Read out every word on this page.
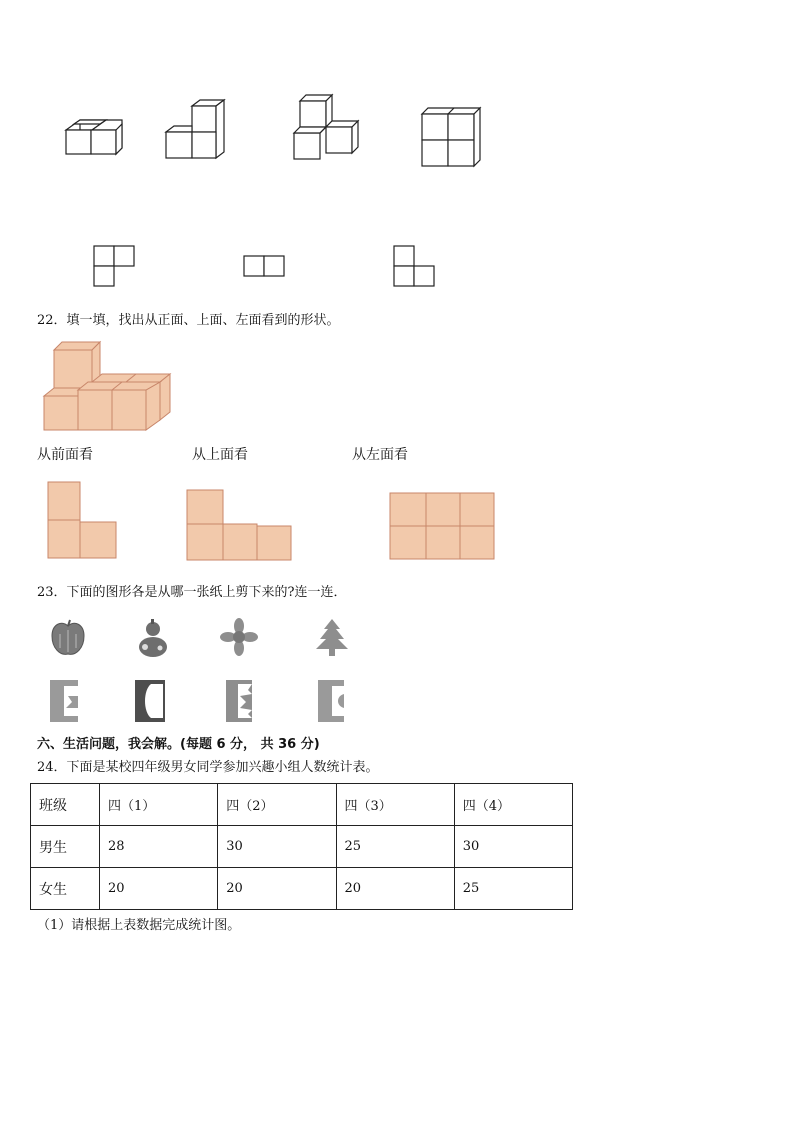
22．填一填，找出从正面、上面、左面看到的形状。
从前面看	从上面看	从左面看
23．下面的图形各是从哪一张纸上剪下来的?连一连．
六、生活问题，我会解。(每题 6 分， 共 36 分)
24．下面是某校四年级男女同学参加兴趣小组人数统计表。
班级	四（1）	四（2）	四（3）	四（4）
男生	28	30	25	30
女生	20	20	20	25
（1）请根据上表数据完成统计图。
